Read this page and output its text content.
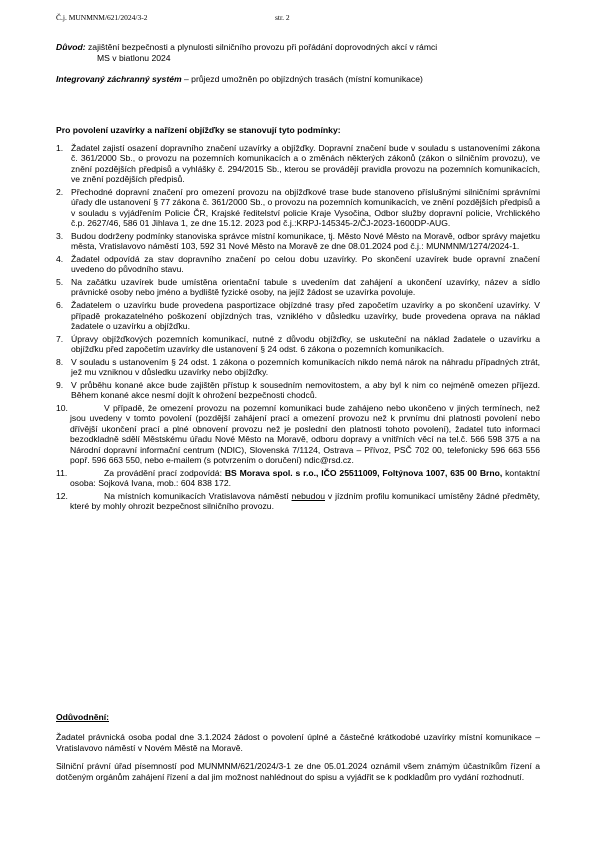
Č.j. MUNMNM/621/2024/3-2	str. 2
Důvod:
zajištění bezpečnosti a plynulosti silničního provozu při pořádání doprovodných akcí v rámci
MS v biatlonu 2024
Integrovaný záchranný systém – průjezd umožněn po objízdných trasách (místní komunikace)
Pro povolení uzavírky a nařízení objížďky se stanovují tyto podmínky:
1. Žadatel zajistí osazení dopravního značení uzavírky a objížďky. Dopravní značení bude v souladu s ustanoveními zákona č. 361/2000 Sb., o provozu na pozemních komunikacích a o změnách některých zákonů (zákon o silničním provozu), ve znění pozdějších předpisů a vyhlášky č. 294/2015 Sb., kterou se provádějí pravidla provozu na pozemních komunikacích, ve znění pozdějších předpisů.
2. Přechodné dopravní značení pro omezení provozu na objížďkové trase bude stanoveno příslušnými silničními správními úřady dle ustanovení § 77 zákona č. 361/2000 Sb., o provozu na pozemních komunikacích, ve znění pozdějších předpisů a v souladu s vyjádřením Policie ČR, Krajské ředitelství policie Kraje Vysočina, Odbor služby dopravní policie, Vrchlického č.p. 2627/46, 586 01 Jihlava 1, ze dne 15.12. 2023 pod č.j.:KRPJ-145345-2/ČJ-2023-1600DP-AUG.
3. Budou dodrženy podmínky stanoviska správce místní komunikace, tj. Město Nové Město na Moravě, odbor správy majetku města, Vratislavovo náměstí 103, 592 31 Nové Město na Moravě ze dne 08.01.2024 pod č.j.: MUNMNM/1274/2024-1.
4. Žadatel odpovídá za stav dopravního značení po celou dobu uzavírky. Po skončení uzavírek bude opravní značení uvedeno do původního stavu.
5. Na začátku uzavírek bude umístěna orientační tabule s uvedením dat zahájení a ukončení uzavírky, název a sídlo právnické osoby nebo jméno a bydliště fyzické osoby, na jejíž žádost se uzavírka povoluje.
6. Žadatelem o uzavírku bude provedena pasportizace objízdné trasy před započetím uzavírky a po skončení uzavírky. V případě prokazatelného poškození objízdných tras, vzniklého v důsledku uzavírky, bude provedena oprava na náklad žadatele o uzavírku a objížďku.
7. Úpravy objížďkových pozemních komunikací, nutné z důvodu objížďky, se uskuteční na náklad žadatele o uzavírku a objížďku před započetím uzavírky dle ustanovení § 24 odst. 6 zákona o pozemních komunikacích.
8. V souladu s ustanovením § 24 odst. 1 zákona o pozemních komunikacích nikdo nemá nárok na náhradu případných ztrát, jež mu vzniknou v důsledku uzavírky nebo objížďky.
9. V průběhu konané akce bude zajištěn přístup k sousedním nemovitostem, a aby byl k nim co nejméně omezen příjezd. Během konané akce nesmí dojít k ohrožení bezpečnosti chodců.
10.	V případě, že omezení provozu na pozemní komunikaci bude zahájeno nebo ukončeno v jiných termínech, než jsou uvedeny v tomto povolení (pozdější zahájení prací a omezení provozu než k prvnímu dni platnosti povolení nebo dřívější ukončení prací a plné obnovení provozu než je poslední den platnosti tohoto povolení), žadatel tuto informaci bezodkladně sdělí Městskému úřadu Nové Město na Moravě, odboru dopravy a vnitřních věcí na tel.č. 566 598 375 a na Národní dopravní informační centrum (NDIC), Slovenská 7/1124, Ostrava – Přívoz, PSČ 702 00, telefonicky 596 663 556 popř. 596 663 550, nebo e-mailem (s potvrzením o doručení) ndic@rsd.cz.
11.	Za provádění prací zodpovídá: BS Morava spol. s r.o., IČO 25511009, Foltýnova 1007, 635 00 Brno, kontaktní osoba: Sojková Ivana, mob.: 604 838 172.
12.	Na místních komunikacích Vratislavova náměstí nebudou v jízdním profilu komunikací umístěny žádné předměty, které by mohly ohrozit bezpečnost silničního provozu.
Odůvodnění:

Žadatel právnická osoba podal dne 3.1.2024 žádost o povolení úplné a částečné krátkodobé uzavírky místní komunikace – Vratislavovo náměstí v Novém Městě na Moravě.

Silniční právní úřad písemností pod MUNMNM/621/2024/3-1 ze dne 05.01.2024 oznámil všem známým účastníkům řízení a dotčeným orgánům zahájení řízení a dal jim možnost nahlédnout do spisu a vyjádřit se k podkladům pro vydání rozhodnutí.
